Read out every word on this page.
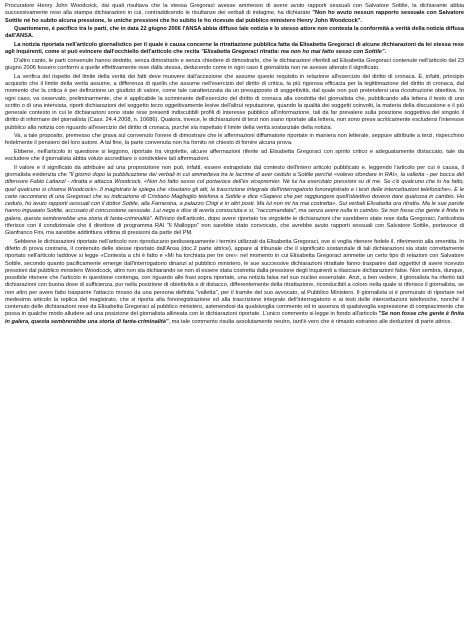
Procuratore Henry John Woodcock, dai quali risultava che la stessa Gregoraci avesse ammesso di avere avuto rapporti sessuali con Salvatore Sottile, la dichiarante abbia successivamente reso alla stampa dichiarazioni in cui, contraddicendo le risultanze dei verbali di indagine, ha dichiarato "Non ho avuto nessun rapporto sessuale con Salvatore Sottile né ho subito alcuna pressione, le uniche pressioni che ho subito le ho ricevute dal pubblico ministero Henry John Woodcock".

Quantomeno, è pacifico tra le parti, che in data 22 giugno 2006 l'ANSA abbia diffuso tale notizia e lo stesso attore non contesta la conformità a verità della notizia diffusa dall'ANSA.

La notizia riportata nell'articolo giornalistico per il quale è causa concerne la ritrattazione pubblica fatta da Elisabetta Gregoraci di alcune dichiarazioni da lei stessa rese agli inquirenti, come si può evincere dall'occhiello dell'articolo che recita "Elisabetta Gregoraci ritratta: ma non ho mai fatto sesso con Sottile".

D'altro canto, le parti convenute hanno dedotto, senza dimostrarlo e senza chiedere di dimostrarlo, che le dichiarazioni riferibili ad Elisabetta Gregoraci contenute nell'articolo del 23 giugno 2006 fossero conformi a quelle effettivamente rese dalla stessa, deducendo come in ogni caso il giornalista non ne avesse alterato il significato.

La verifica del rispetto del limite della verità dei fatti deve muovere dall'accezione che assume questo requisito in relazione all'esercizio del diritto di cronaca. È, infatti, principio acquisito che il limite della verità assume, a differenza di quello che assume nell'esercizio del diritto di critica, la più rigorosa efficacia per la legittimazione del diritto di cronaca, dal momento che la critica è per definizione un giudizio di valore, come tale caratterizzata da un presupposto di soggettività, dal quale non può pretendersi una ricostruzione obiettiva. In ogni caso, va osservato, preliminarmente, che è applicabile la scriminante dell'esercizio del diritto di cronaca alla condotta del giornalista che, pubblicando alla lettera il testo di uno scritto o di una intervista, riporti dichiarazioni del soggetto terzo oggettivamente lesive dell'altrui reputazione, quando la qualità dei soggetti coinvolti, la materia della discussione e il più generale contesto in cui le dichiarazioni sono state rese presenti indiscutibili profili di interesse pubblico all'informazione, tali da far prevalere sulla posizione soggettiva del singolo il diritto di informare del giornalista (Cass. 24.4.2008, n. 10686). Qualora, invece, le dichiarazioni di terzi non siano riportate alla lettera, non sono prese acriticamente escludersi l'interesse pubblico alla notizia con riguardo all'esercizio del diritto di cronaca, purché sia rispettato il limite della verità sostanziale della notizia.

Va, a tale proposito, premesso che grava sul convenuto l'onere di dimostrare che le affermazioni diffamatorie riportate in maniera non letterale, seppure attribuite a terzi, rispecchino fedelmente il pensiero del loro autore. A tal fine, la parte convenuta non ha fornito né chiesto di fornire alcuna prova.

Ebbene, nell'articolo in questione si leggono, riportate tra virgolette, alcune affermazioni riferite ad Elisabetta Gregoraci con spirito critico e adeguatamente distaccato, tale da escludere che il giornalista abbia voluto accreditare o condividere tali affermazioni.

Il valore e il significato da attribuire ad una proposizione non può, infatti, essere estrapolato dal contesto dell'intero articolo pubblicato e, leggendo l'articolo per cui è causa, il giornalista evidenzia che "Il giorno dopo la pubblicazione dei verbali in cui ammetteva tra le lacrime di aver ceduto a Sottile perché «volevo sfondare in RAI», la valletta - per bocca del difensore Fabio Lattanzi - ritratta e attacca Woodcock. «Non ho fatto sesso col portavoce dell'ex vicepremier. Né lui ha esercitato pressioni su di me. Se c'è qualcuno che lo ha fatto, quel qualcuno si chiama Woodcock». Il magistrato le spiega che «bastano gli atti, la trascrizione integrale dell'interrogatorio fonoregistrato e i testi delle intercettazioni telefoniche». E le carte raccontano di una Gregoraci che su indicazione di Cristiano Maglioglio telefona a Sottile e dice «Sapevo che per raggiungere quell'obiettivo dovevo dare qualcosa in cambio. Ho ceduto, ho avuto rapporti sessuali con il dottor Sottile, alla Farnesina, a palazzo Chigi e in altri posti. Ma lui non mi ha mai costretta». Sui verbali Elisabetta ora ritratta. Ma le sue parole hanno inguaiato Sottile, accusato di concussione sessuale. Lui nega e dice di averla conosciuta e si, "raccomandata", ma senza avere nulla in cambio. Se non fosse che gente è finita in galera, questa sembrerebbe una storia di fanta-criminalità". All'inizio dell'articolo, dopo avere riportato tra virgolette le dichiarazioni che sarebbero state rese dalla Gregoraci, l'articolista riferisce con il condizionale che il direttore di programma RAI "Il Malloppo" non sarebbe stato convocato, che avrebbe avuto rapporti sessuali con Salvatore Sottile, portavoce di Gianfranco Fini, ma sarebbe addirittura vittima di pressioni da parte del PM.

Sebbene le dichiarazioni riportate nell'articolo non riproducano pedissequamente i termini utilizzati da Elisabetta Gregoraci, ove si voglia ritenere fedele il, riferimento alla smentita. In difetto di prova contraria, il contenuto delle stesse riportato dall'Ansa (doc.2 parte attrice), appare al tribunale che il significato sostanziale di tali dichiarazioni sia stato correttamente riportato nell'articolo laddove si legge «Contesta a chi è fatto e «Mi ha torchiata per tre ore»: nel momento in cui Elisabetta Gregoraci ammette un certo tipo di relazioni con Salvatore Sottile, secondo quanto pacificamente emerge dall'interrogatorio dinanzi al pubblico ministero, le sue successive dichiarazioni ritrattate fanno trasparire dati oggettivi di avere ricevuto pressioni dal pubblico ministero Woodcock, altro non sta dichiarando se non di essere stata costretta dalla pressione degli inquirenti a rilasciare dichiarazioni false. Non sembra, dunque, possibile ritenere che l'articolo in questione contenga, con riguardo alle frasi sopra riportate, una notizia falsa nel suo nucleo essenziale. Anzi, a ben vedere, il giornalista ha riferito tali dichiarazioni con buona dose di sufficienza, pur nella posizione di obiettività e di distacco, differentemente della ritrattazione, riconducibili a coloro nella quale si riferisce il giornalista, se non altro per avere fatto trasparire l'attacco mosso da una persona definita "valletta", per il tramite del suo avvocato, al Pubblico Ministero. Il giornalista si è premurato di riportare nel medesimo articolo la replica del magistrato, che si riporta alla fonoregistrazione ed alla trascrizione integrale dell'interrogatorio e ai testi delle intercettazioni telefoniche, nonché il contenuto delle dichiarazioni rese da Elisabetta Gregoraci al pubblico ministero, astenendosi da qualsivoglia commento ed in assenza di qualsivoglia espressione di compiacimento che possa in qualche modo alludere ad una posizione del giornalista allineata con le dichiarazioni riportate. L'unico commento si legge in fondo all'articolo "Se non fosse che gente è finita in galera, questa sembrerebbe una storia di fanta-criminalità", ma tale commento risulta assolutamente neutro, tant'è vero che è rimasto estraneo alle deduzioni di parte attrice.
